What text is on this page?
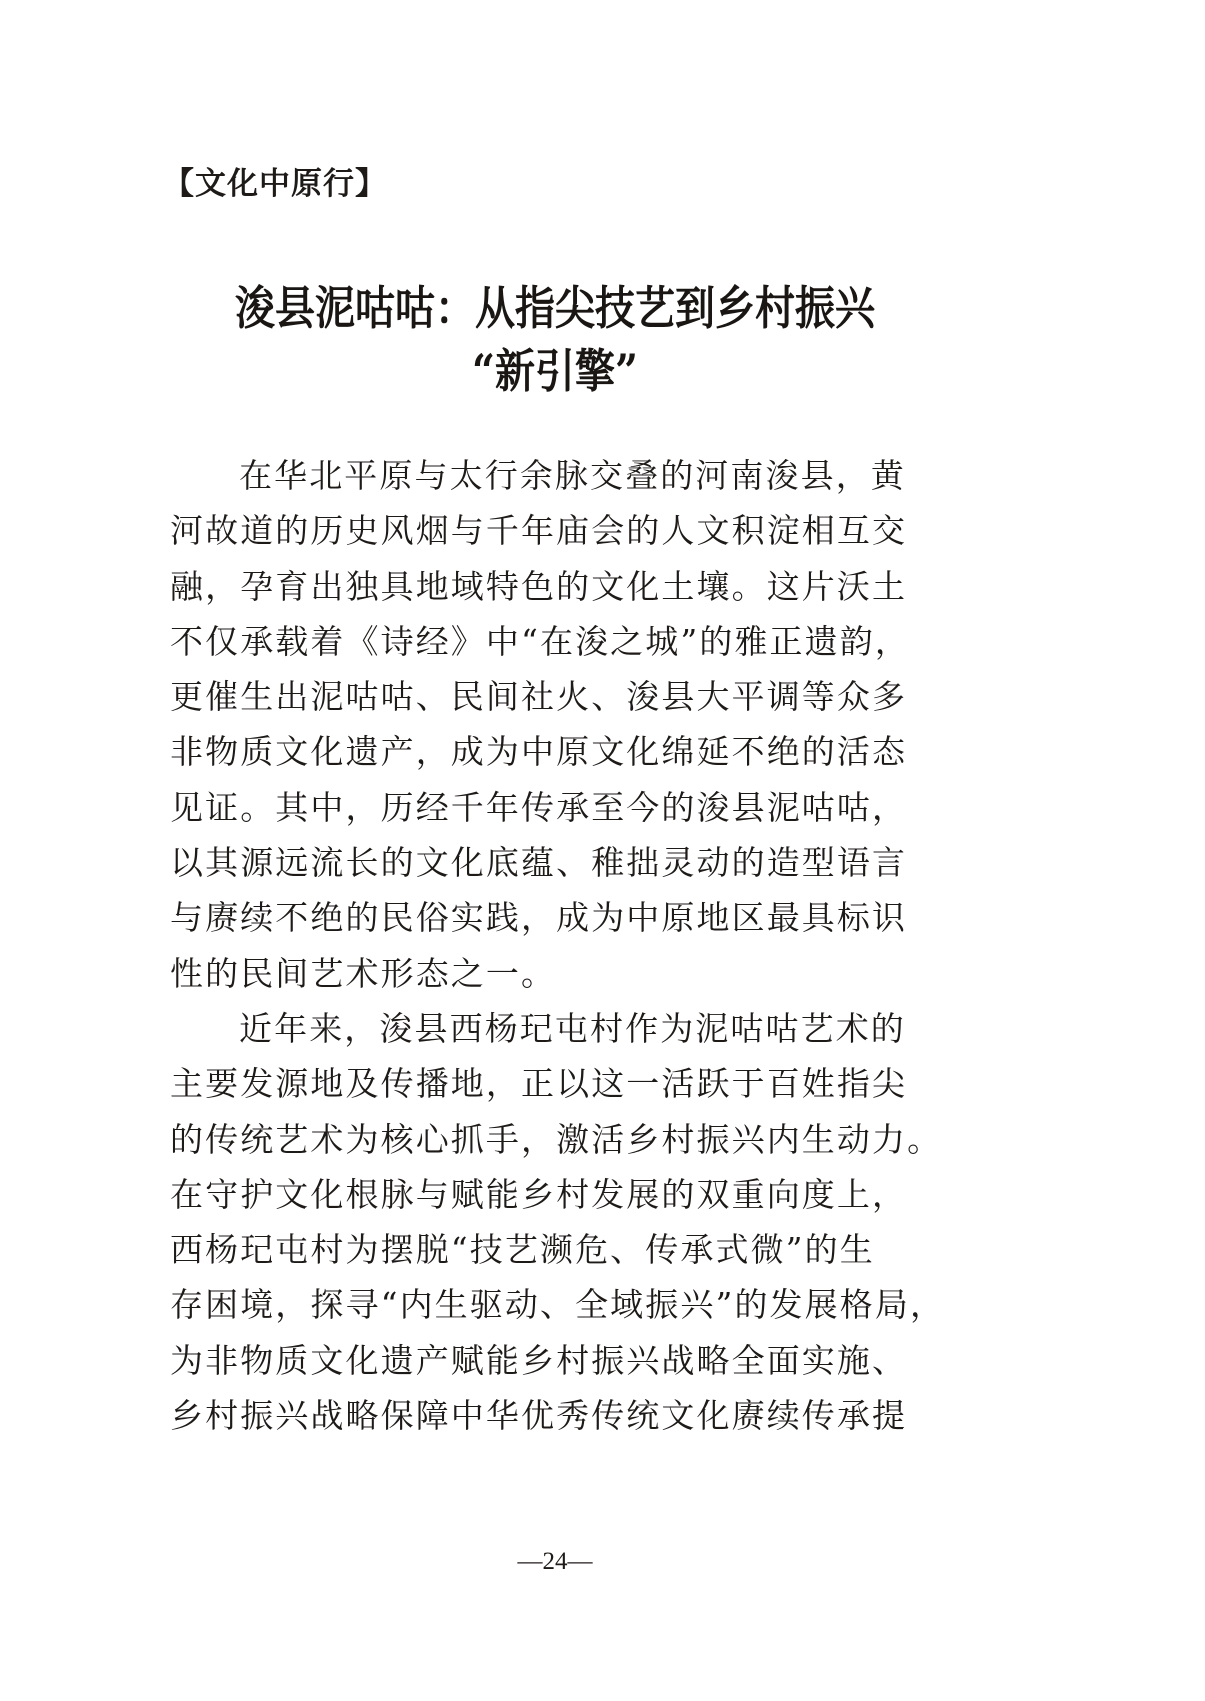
【文化中原行】
浚县泥咕咕：从指尖技艺到乡村振兴
“新引擎”
在华北平原与太行余脉交叠的河南浚县，黄
河故道的历史风烟与千年庙会的人文积淀相互交
融，孕育出独具地域特色的文化土壤。这片沃土
不仅承载着《诗经》中“在浚之城”的雅正遗韵，
更催生出泥咕咕、民间社火、浚县大平调等众多
非物质文化遗产，成为中原文化绵延不绝的活态
见证。其中，历经千年传承至今的浚县泥咕咕，
以其源远流长的文化底蕴、稚拙灵动的造型语言
与赓续不绝的民俗实践，成为中原地区最具标识
性的民间艺术形态之一。
近年来，浚县西杨玘屯村作为泥咕咕艺术的
主要发源地及传播地，正以这一活跃于百姓指尖
的传统艺术为核心抓手，激活乡村振兴内生动力。
在守护文化根脉与赋能乡村发展的双重向度上，
西杨玘屯村为摆脱“技艺濒危、传承式微”的生
存困境，探寻“内生驱动、全域振兴”的发展格局，
为非物质文化遗产赋能乡村振兴战略全面实施、
乡村振兴战略保障中华优秀传统文化赓续传承提
—24—
